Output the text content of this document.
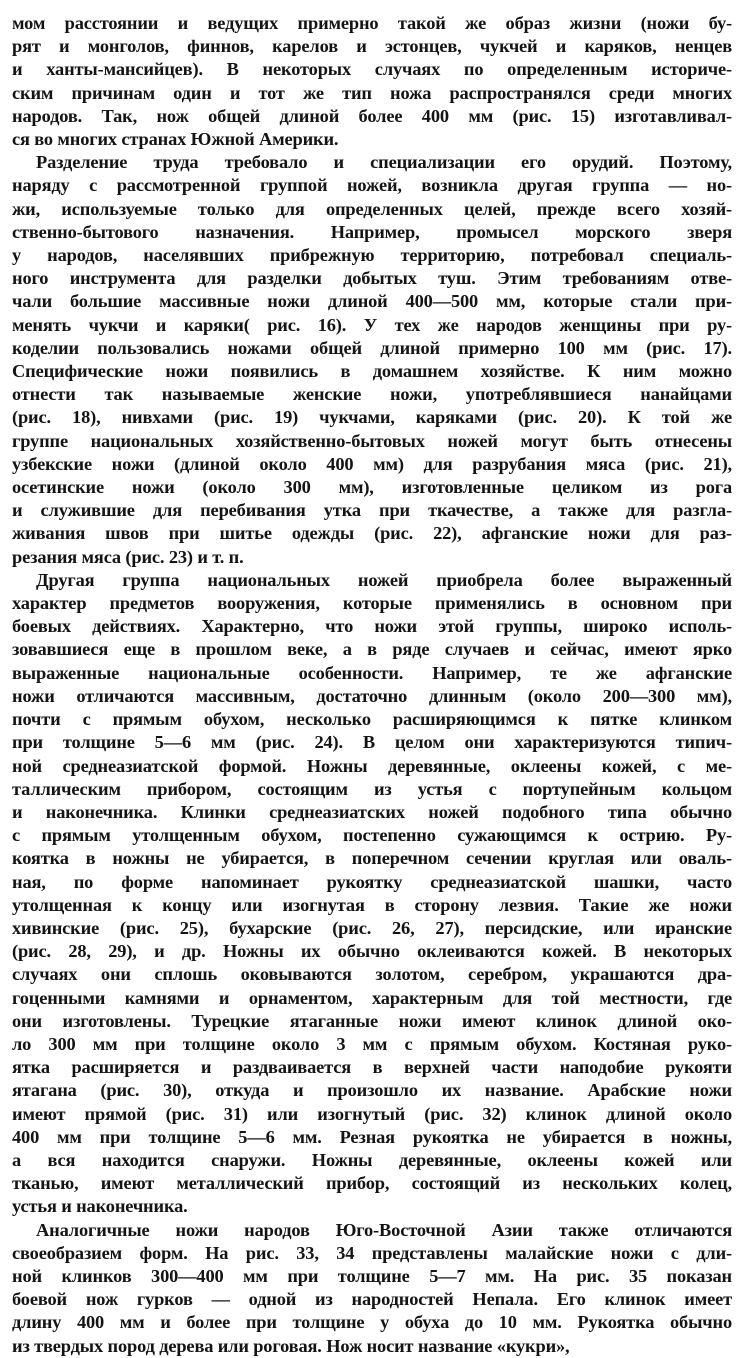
мом расстоянии и ведущих примерно такой же образ жизни (ножи бу-
рят и монголов, финнов, карелов и эстонцев, чукчей и каряков, ненцев
и ханты-мансийцев). В некоторых случаях по определенным историче-
ским причинам один и тот же тип ножа распространялся среди многих
народов. Так, нож общей длиной более 400 мм (рис. 15) изготавливал-
ся во многих странах Южной Америки.
Разделение труда требовало и специализации его орудий. Поэтому,
наряду с рассмотренной группой ножей, возникла другая группа — но-
жи, используемые только для определенных целей, прежде всего хозяй-
ственно-бытового назначения. Например, промысел морского зверя
у народов, населявших прибрежную территорию, потребовал специаль-
ного инструмента для разделки добытых туш. Этим требованиям отве-
чали большие массивные ножи длиной 400—500 мм, которые стали при-
менять чукчи и каряки( рис. 16). У тех же народов женщины при ру-
коделии пользовались ножами общей длиной примерно 100 мм (рис. 17).
Специфические ножи появились в домашнем хозяйстве. К ним можно
отнести так называемые женские ножи, употреблявшиеся нанайцами
(рис. 18), нивхами (рис. 19) чукчами, каряками (рис. 20). К той же
группе национальных хозяйственно-бытовых ножей могут быть отнесены
узбекские ножи (длиной около 400 мм) для разрубания мяса (рис. 21),
осетинские ножи (около 300 мм), изготовленные целиком из рога
и служившие для перебивания утка при ткачестве, а также для разгла-
живания швов при шитье одежды (рис. 22), афганские ножи для раз-
резания мяса (рис. 23) и т. п.
Другая группа национальных ножей приобрела более выраженный
характер предметов вооружения, которые применялись в основном при
боевых действиях. Характерно, что ножи этой группы, широко исполь-
зовавшиеся еще в прошлом веке, а в ряде случаев и сейчас, имеют ярко
выраженные национальные особенности. Например, те же афганские
ножи отличаются массивным, достаточно длинным (около 200—300 мм),
почти с прямым обухом, несколько расширяющимся к пятке клинком
при толщине 5—6 мм (рис. 24). В целом они характеризуются типич-
ной среднеазиатской формой. Ножны деревянные, оклеены кожей, с ме-
таллическим прибором, состоящим из устья с портупейным кольцом
и наконечника. Клинки среднеазиатских ножей подобного типа обычно
с прямым утолщенным обухом, постепенно сужающимся к острию. Ру-
коятка в ножны не убирается, в поперечном сечении круглая или оваль-
ная, по форме напоминает рукоятку среднеазиатской шашки, часто
утолщенная к концу или изогнутая в сторону лезвия. Такие же ножи
хивинские (рис. 25), бухарские (рис. 26, 27), персидские, или иранские
(рис. 28, 29), и др. Ножны их обычно оклеиваются кожей. В некоторых
случаях они сплошь оковываются золотом, серебром, украшаются дра-
гоценными камнями и орнаментом, характерным для той местности, где
они изготовлены. Турецкие ятаганные ножи имеют клинок длиной око-
ло 300 мм при толщине около 3 мм с прямым обухом. Костяная руко-
ятка расширяется и раздваивается в верхней части наподобие рукояти
ятагана (рис. 30), откуда и произошло их название. Арабские ножи
имеют прямой (рис. 31) или изогнутый (рис. 32) клинок длиной около
400 мм при толщине 5—6 мм. Резная рукоятка не убирается в ножны,
а вся находится снаружи. Ножны деревянные, оклеены кожей или
тканью, имеют металлический прибор, состоящий из нескольких колец,
устья и наконечника.
Аналогичные ножи народов Юго-Восточной Азии также отличаются
своеобразием форм. На рис. 33, 34 представлены малайские ножи с дли-
ной клинков 300—400 мм при толщине 5—7 мм. На рис. 35 показан
боевой нож гурков — одной из народностей Непала. Его клинок имеет
длину 400 мм и более при толщине у обуха до 10 мм. Рукоятка обычно
из твердых пород дерева или роговая. Нож носит название «кукри»,
